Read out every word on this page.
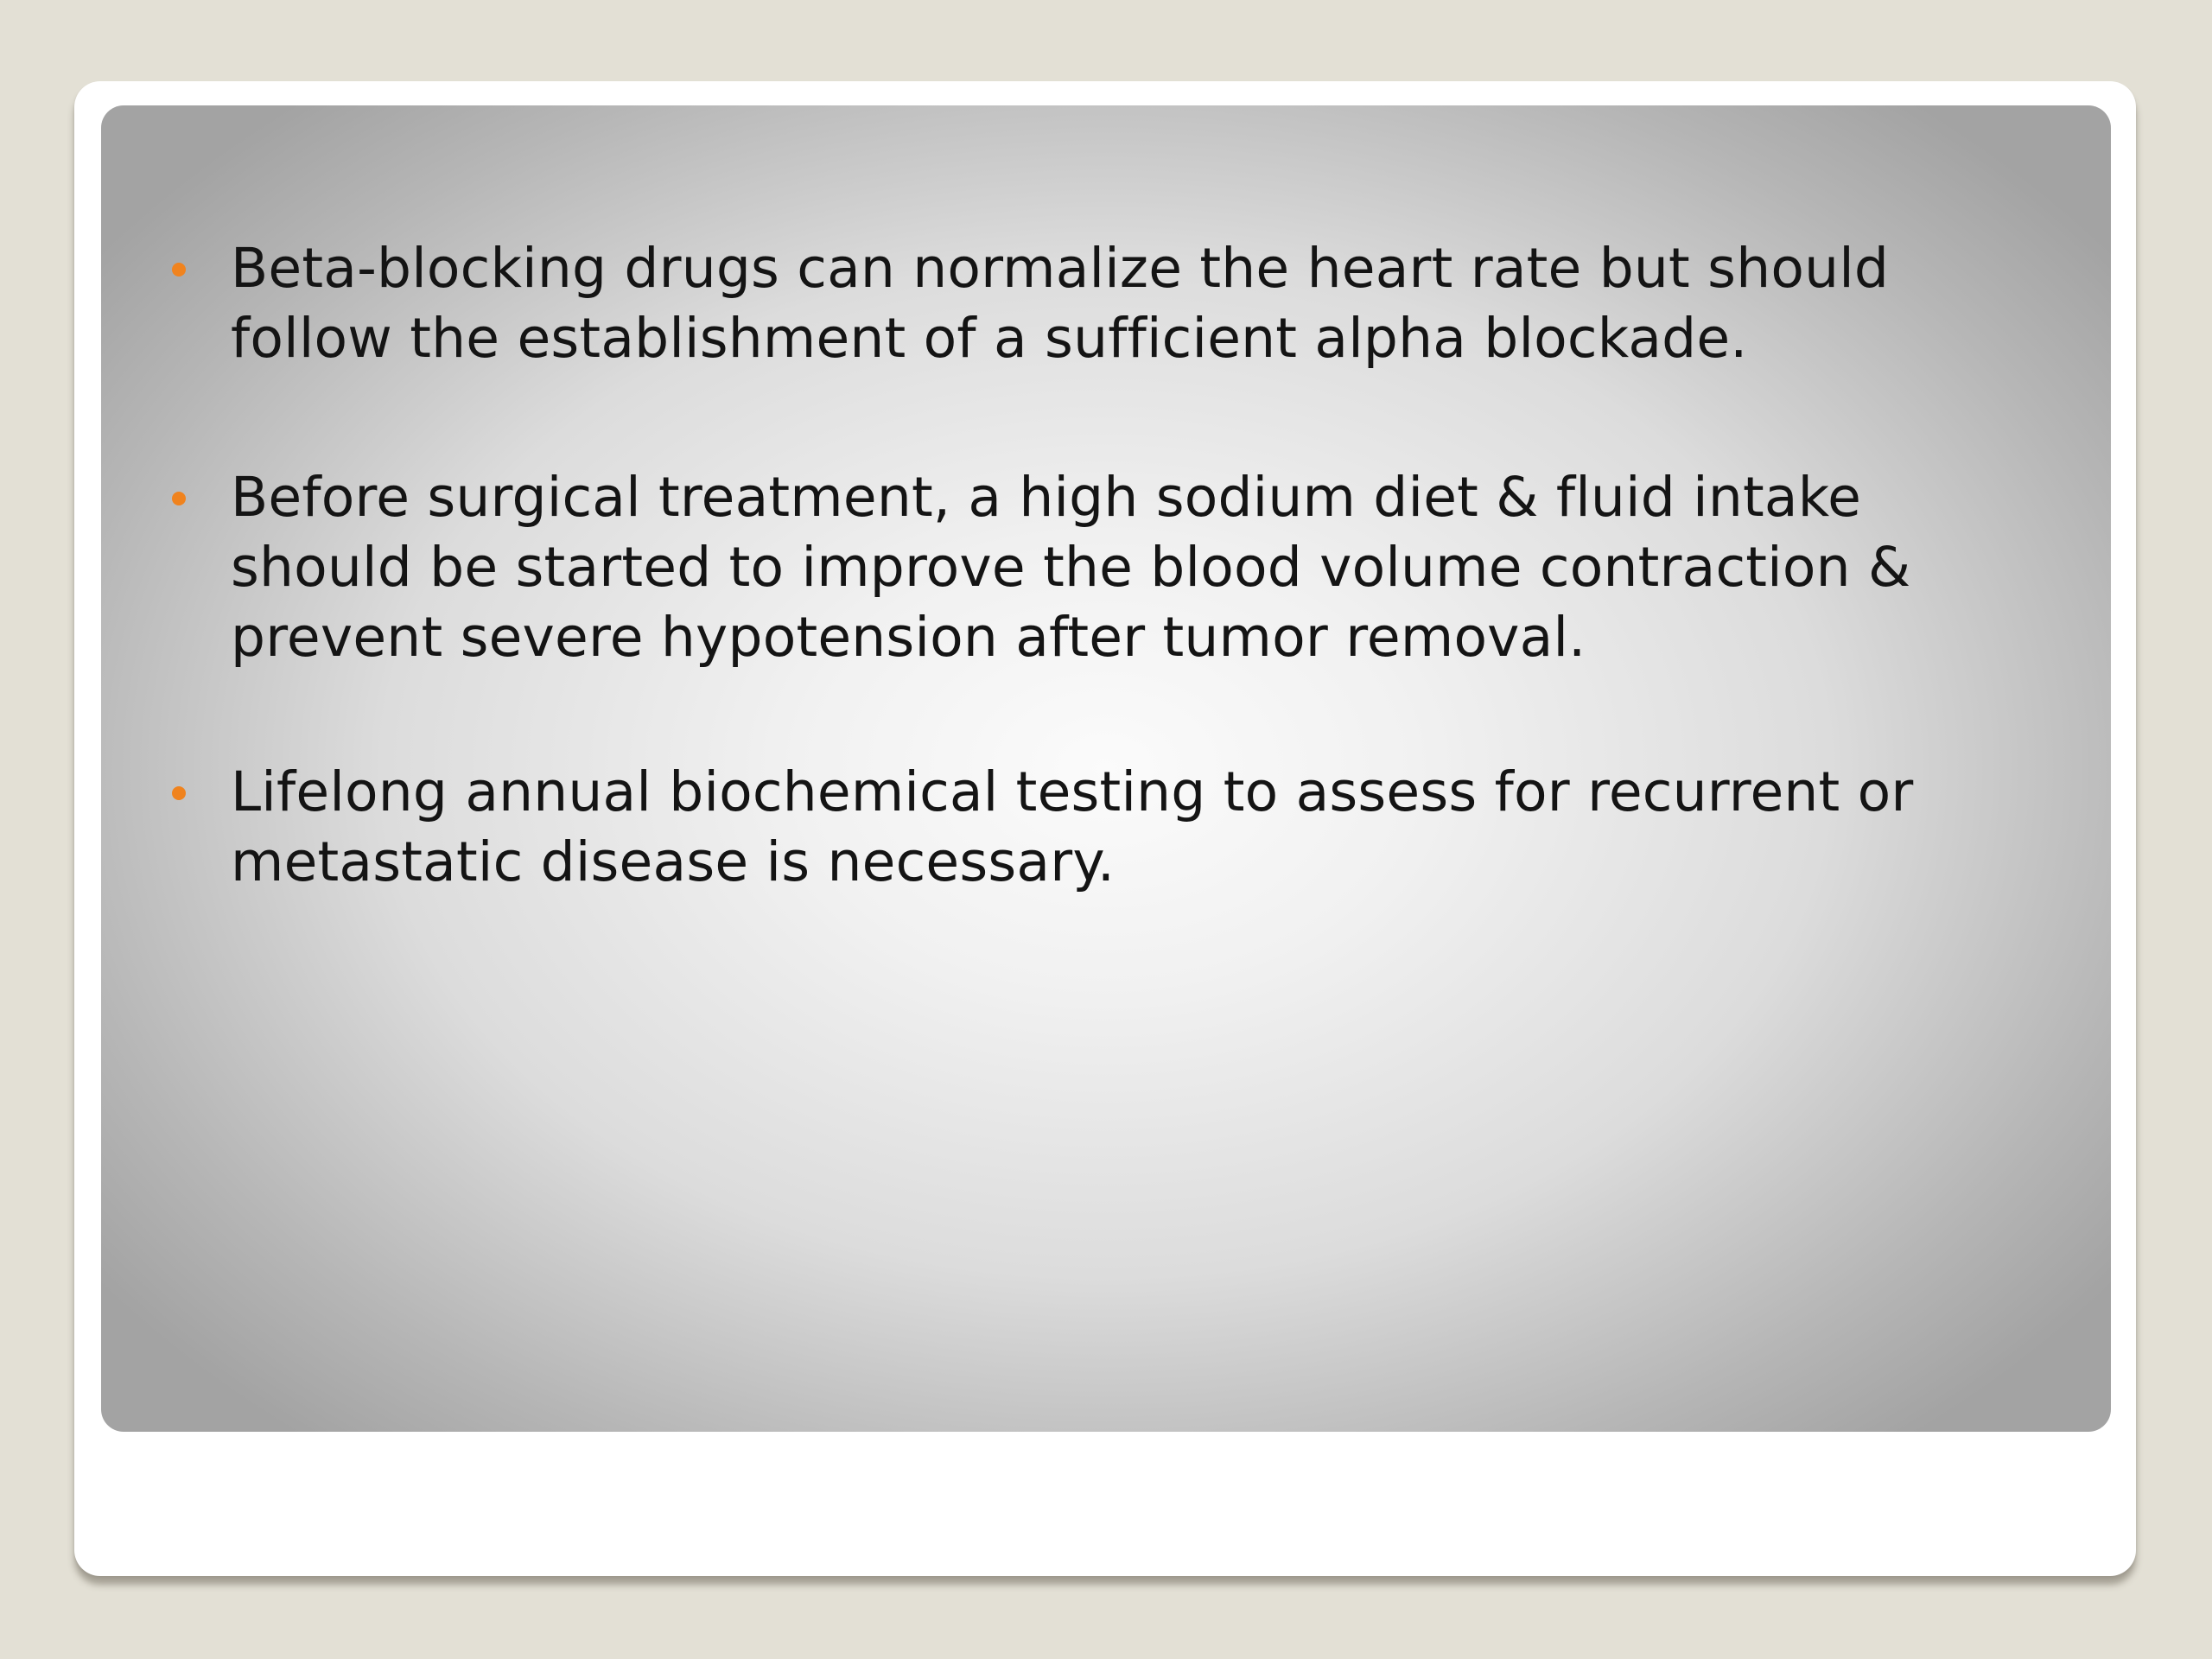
Beta-blocking drugs can normalize the heart rate but should
follow the establishment of a sufficient alpha blockade.
Before surgical treatment, a high sodium diet & fluid intake
should be started to improve the blood volume contraction &
prevent severe hypotension after tumor removal.
Lifelong annual biochemical testing to assess for recurrent or
metastatic disease is necessary.
